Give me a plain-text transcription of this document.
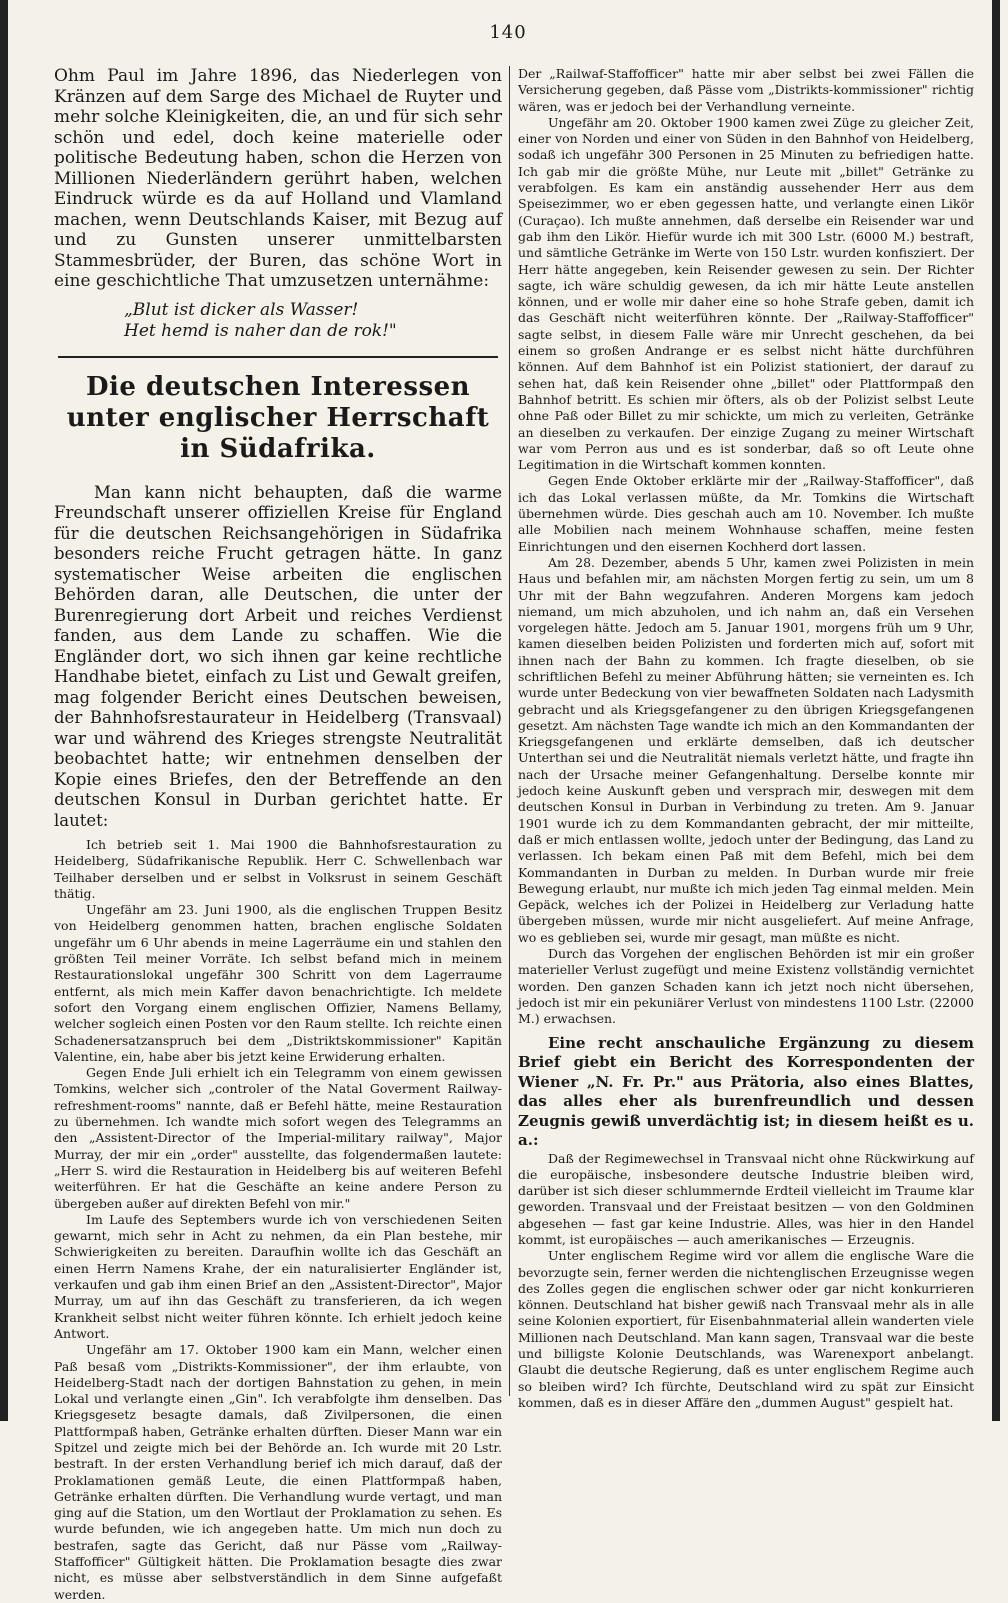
140

Ohm Paul im Jahre 1896, das Niederlegen von Kränzen auf dem Sarge des Michael de Ruyter und mehr solche Kleinigkeiten, die, an und für sich sehr schön und edel, doch keine materielle oder politische Bedeutung haben, schon die Herzen von Millionen Niederländern gerührt haben, welchen Eindruck würde es da auf Holland und Vlamland machen, wenn Deutschlands Kaiser, mit Bezug auf und zu Gunsten unserer unmittelbarsten Stammesbrüder, der Buren, das schöne Wort in eine geschichtliche That umzusetzen unternähme:

„Blut ist dicker als Wasser!
Het hemd is naher dan de rok!"
Die deutschen Interessen unter englischer Herrschaft in Südafrika.

Man kann nicht behaupten, daß die warme Freundschaft unserer offiziellen Kreise für England für die deutschen Reichsangehörigen in Südafrika besonders reiche Frucht getragen hätte. In ganz systematischer Weise arbeiten die englischen Behörden daran, alle Deutschen, die unter der Burenregierung dort Arbeit und reiches Verdienst fanden, aus dem Lande zu schaffen. Wie die Engländer dort, wo sich ihnen gar keine rechtliche Handhabe bietet, einfach zu List und Gewalt greifen, mag folgender Bericht eines Deutschen beweisen, der Bahnhofsrestaurateur in Heidelberg (Transvaal) war und während des Krieges strengste Neutralität beobachtet hatte; wir entnehmen denselben der Kopie eines Briefes, den der Betreffende an den deutschen Konsul in Durban gerichtet hatte. Er lautet:

Ich betrieb seit 1. Mai 1900 die Bahnhofsrestauration zu Heidelberg, Südafrikanische Republik. Herr C. Schwellenbach war Teilhaber derselben und er selbst in Volksrust in seinem Geschäft thätig.

Ungefähr am 23. Juni 1900, als die englischen Truppen Besitz von Heidelberg genommen hatten, brachen englische Soldaten ungefähr um 6 Uhr abends in meine Lagerräume ein und stahlen den größten Teil meiner Vorräte. Ich selbst befand mich in meinem Restaurationslokal ungefähr 300 Schritt von dem Lagerraume entfernt, als mich mein Kaffer davon benachrichtigte. Ich meldete sofort den Vorgang einem englischen Offizier, Namens Bellamy, welcher sogleich einen Posten vor den Raum stellte. Ich reichte einen Schadenersatzanspruch bei dem „Distriktskommissioner" Kapitän Valentine, ein, habe aber bis jetzt keine Erwiderung erhalten.

Gegen Ende Juli erhielt ich ein Telegramm von einem gewissen Tomkins, welcher sich „controler of the Natal Goverment Railway-refreshment-rooms" nannte, daß er Befehl hätte, meine Restauration zu übernehmen. Ich wandte mich sofort wegen des Telegramms an den „Assistent-Director of the Imperial-military railway", Major Murray, der mir ein „order" ausstellte, das folgendermaßen lautete: „Herr S. wird die Restauration in Heidelberg bis auf weiteren Befehl weiterführen. Er hat die Geschäfte an keine andere Person zu übergeben außer auf direkten Befehl von mir."

Im Laufe des Septembers wurde ich von verschiedenen Seiten gewarnt, mich sehr in Acht zu nehmen, da ein Plan bestehe, mir Schwierigkeiten zu bereiten. Daraufhin wollte ich das Geschäft an einen Herrn Namens Krahe, der ein naturalisierter Engländer ist, verkaufen und gab ihm einen Brief an den „Assistent-Director", Major Murray, um auf ihn das Geschäft zu transferieren, da ich wegen Krankheit selbst nicht weiter führen könnte. Ich erhielt jedoch keine Antwort.

Ungefähr am 17. Oktober 1900 kam ein Mann, welcher einen Paß besaß vom „Distrikts-Kommissioner", der ihm erlaubte, von Heidelberg-Stadt nach der dortigen Bahnstation zu gehen, in mein Lokal und verlangte einen „Gin". Ich verabfolgte ihm denselben. Das Kriegsgesetz besagte damals, daß Zivilpersonen, die einen Plattformpaß haben, Getränke erhalten dürften. Dieser Mann war ein Spitzel und zeigte mich bei der Behörde an. Ich wurde mit 20 Lstr. bestraft. In der ersten Verhandlung berief ich mich darauf, daß der Proklamationen gemäß Leute, die einen Plattformpaß haben, Getränke erhalten dürften. Die Verhandlung wurde vertagt, und man ging auf die Station, um den Wortlaut der Proklamation zu sehen. Es wurde befunden, wie ich angegeben hatte. Um mich nun doch zu bestrafen, sagte das Gericht, daß nur Pässe vom „Railway-Staffofficer" Gültigkeit hätten. Die Proklamation besagte dies zwar nicht, es müsse aber selbstverständlich in dem Sinne aufgefaßt werden.

Der „Railwaf-Staffofficer" hatte mir aber selbst bei zwei Fällen die Versicherung gegeben, daß Pässe vom „Distrikts-kommissioner" richtig wären, was er jedoch bei der Verhandlung verneinte.

Ungefähr am 20. Oktober 1900 kamen zwei Züge zu gleicher Zeit, einer von Norden und einer von Süden in den Bahnhof von Heidelberg, sodaß ich ungefähr 300 Personen in 25 Minuten zu befriedigen hatte. Ich gab mir die größte Mühe, nur Leute mit „billet" Getränke zu verabfolgen. Es kam ein anständig aussehender Herr aus dem Speisezimmer, wo er eben gegessen hatte, und verlangte einen Likör (Curaçao). Ich mußte annehmen, daß derselbe ein Reisender war und gab ihm den Likör. Hiefür wurde ich mit 300 Lstr. (6000 M.) bestraft, und sämtliche Getränke im Werte von 150 Lstr. wurden konfisziert. Der Herr hätte angegeben, kein Reisender gewesen zu sein. Der Richter sagte, ich wäre schuldig gewesen, da ich mir hätte Leute anstellen können, und er wolle mir daher eine so hohe Strafe geben, damit ich das Geschäft nicht weiterführen könnte. Der „Railway-Staffofficer" sagte selbst, in diesem Falle wäre mir Unrecht geschehen, da bei einem so großen Andrange er es selbst nicht hätte durchführen können. Auf dem Bahnhof ist ein Polizist stationiert, der darauf zu sehen hat, daß kein Reisender ohne „billet" oder Plattformpaß den Bahnhof betritt. Es schien mir öfters, als ob der Polizist selbst Leute ohne Paß oder Billet zu mir schickte, um mich zu verleiten, Getränke an dieselben zu verkaufen. Der einzige Zugang zu meiner Wirtschaft war vom Perron aus und es ist sonderbar, daß so oft Leute ohne Legitimation in die Wirtschaft kommen konnten.

Gegen Ende Oktober erklärte mir der „Railway-Staffofficer", daß ich das Lokal verlassen müßte, da Mr. Tomkins die Wirtschaft übernehmen würde. Dies geschah auch am 10. November. Ich mußte alle Mobilien nach meinem Wohnhause schaffen, meine festen Einrichtungen und den eisernen Kochherd dort lassen.

Am 28. Dezember, abends 5 Uhr, kamen zwei Polizisten in mein Haus und befahlen mir, am nächsten Morgen fertig zu sein, um um 8 Uhr mit der Bahn wegzufahren. Anderen Morgens kam jedoch niemand, um mich abzuholen, und ich nahm an, daß ein Versehen vorgelegen hätte. Jedoch am 5. Januar 1901, morgens früh um 9 Uhr, kamen dieselben beiden Polizisten und forderten mich auf, sofort mit ihnen nach der Bahn zu kommen. Ich fragte dieselben, ob sie schriftlichen Befehl zu meiner Abführung hätten; sie verneinten es. Ich wurde unter Bedeckung von vier bewaffneten Soldaten nach Ladysmith gebracht und als Kriegsgefangener zu den übrigen Kriegsgefangenen gesetzt. Am nächsten Tage wandte ich mich an den Kommandanten der Kriegsgefangenen und erklärte demselben, daß ich deutscher Unterthan sei und die Neutralität niemals verletzt hätte, und fragte ihn nach der Ursache meiner Gefangenhaltung. Derselbe konnte mir jedoch keine Auskunft geben und versprach mir, deswegen mit dem deutschen Konsul in Durban in Verbindung zu treten. Am 9. Januar 1901 wurde ich zu dem Kommandanten gebracht, der mir mitteilte, daß er mich entlassen wollte, jedoch unter der Bedingung, das Land zu verlassen. Ich bekam einen Paß mit dem Befehl, mich bei dem Kommandanten in Durban zu melden. In Durban wurde mir freie Bewegung erlaubt, nur mußte ich mich jeden Tag einmal melden. Mein Gepäck, welches ich der Polizei in Heidelberg zur Verladung hatte übergeben müssen, wurde mir nicht ausgeliefert. Auf meine Anfrage, wo es geblieben sei, wurde mir gesagt, man müßte es nicht.

Durch das Vorgehen der englischen Behörden ist mir ein großer materieller Verlust zugefügt und meine Existenz vollständig vernichtet worden. Den ganzen Schaden kann ich jetzt noch nicht übersehen, jedoch ist mir ein pekuniärer Verlust von mindestens 1100 Lstr. (22000 M.) erwachsen.

Eine recht anschauliche Ergänzung zu diesem Brief giebt ein Bericht des Korrespondenten der Wiener „N. Fr. Pr." aus Prätoria, also eines Blattes, das alles eher als burenfreundlich und dessen Zeugnis gewiß unverdächtig ist; in diesem heißt es u. a.:

Daß der Regimewechsel in Transvaal nicht ohne Rückwirkung auf die europäische, insbesondere deutsche Industrie bleiben wird, darüber ist sich dieser schlummernde Erdteil vielleicht im Traume klar geworden. Transvaal und der Freistaat besitzen — von den Goldminen abgesehen — fast gar keine Industrie. Alles, was hier in den Handel kommt, ist europäisches — auch amerikanisches — Erzeugnis.

Unter englischem Regime wird vor allem die englische Ware die bevorzugte sein, ferner werden die nichtenglischen Erzeugnisse wegen des Zolles gegen die englischen schwer oder gar nicht konkurrieren können. Deutschland hat bisher gewiß nach Transvaal mehr als in alle seine Kolonien exportiert, für Eisenbahnmaterial allein wanderten viele Millionen nach Deutschland. Man kann sagen, Transvaal war die beste und billigste Kolonie Deutschlands, was Warenexport anbelangt. Glaubt die deutsche Regierung, daß es unter englischem Regime auch so bleiben wird? Ich fürchte, Deutschland wird zu spät zur Einsicht kommen, daß es in dieser Affäre den „dummen August" gespielt hat.
